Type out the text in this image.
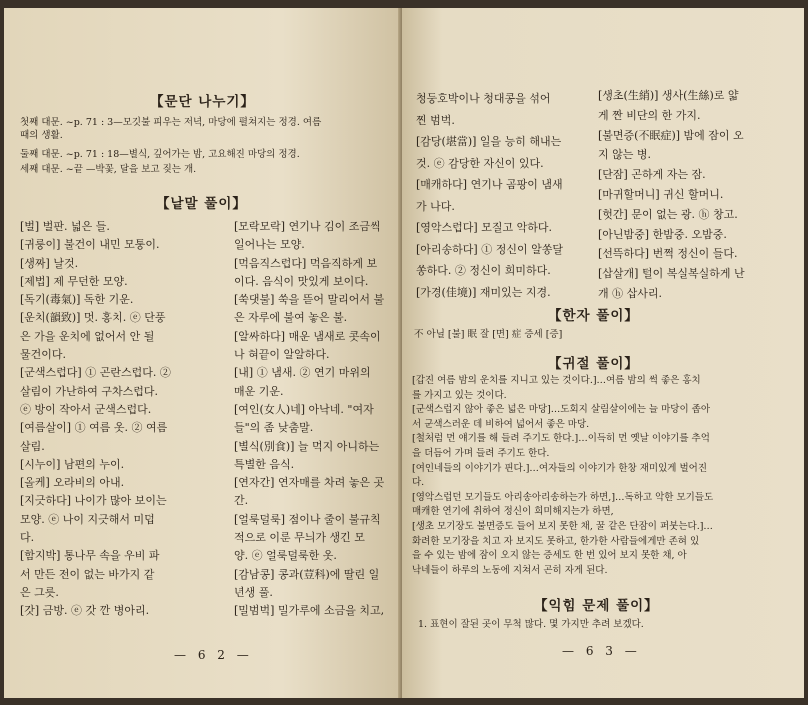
【문단 나누기】
첫째 대문. ~p. 71 : 3—모깃불 피우는 저녁, 마당에 펼쳐지는 정경. 여름
때의 생활.
둘째 대문. ~p. 71 : 18—별식, 깊어가는 밤, 고요해진 마당의 정경.
세째 대문. ~끝 —박꽃, 달을 보고 짖는 개.
【낱말 풀이】
[벌] 벌판. 넓은 들.
[귀룽이] 불건이 내민 모퉁이.
[생짜] 날것.
[제법] 제 무던한 모양.
[독기(毒氣)] 독한 기운.
[운치(韻致)] 멋. 홍치. ⓔ 단풍
은 가을 운치에 없어서 안 될
물건이다.
[군색스럽다] ① 곤란스럽다. ②
살림이 가난하여 구차스럽다.
ⓔ 방이 작아서 군색스럽다.
[여름살이] ① 여름 옷. ② 여름
살림.
[시누이] 남편의 누이.
[올케] 오라비의 아내.
[지긋하다] 나이가 많아 보이는
모양. ⓔ 나이 지긋해서 미덥
다.
[함지박] 통나무 속을 우비 파
서 만든 전이 없는 바가지 같
은 그릇.
[갓] 금방. ⓔ 갓 깐 병아리.
[모락모락] 연기나 김이 조금씩
일어나는 모양.
[먹음직스럽다] 먹음직하게 보
이다. 음식이 맛있게 보이다.
[쑥댓불] 쑥을 뜯어 말리어서 불
은 자루에 불여 놓은 불.
[알싸하다] 매운 냄새로 콧속이
나 혀끝이 알알하다.
[내] ① 냄새. ② 연기 마위의
매운 기운.
[여인(女人)네] 아낙네. "여자
들"의 좀 낮춤말.
[별식(別食)] 늘 먹지 아니하는
특별한 음식.
[연자간] 연자매를 차려 놓은 곳
간.
[얼룩덜룩] 점이나 줄이 불규칙
적으로 이룬 무늬가 생긴 모
양. ⓔ 얼룩덜룩한 옷.
[감남콩] 콩과(荳科)에 딸린 일
년생 풀.
[밀범벅] 밀가루에 소금을 치고,
— 6 2 —
청둥호박이나 청대콩을 섞어
찐 범벅.
[감당(堪當)] 일을 능히 해내는
것. ⓔ 감당한 자신이 있다.
[매캐하다] 연기나 곰팡이 냄새
가 나다.
[영악스럽다] 모질고 악하다.
[아리송하다] ① 정신이 알쏭달
쏭하다. ② 정신이 희미하다.
[가경(佳境)] 재미있는 지경.
[생초(生綃)] 생사(生絲)로 얇
게 짠 비단의 한 가지.
[불면증(不眠症)] 밤에 잠이 오
지 않는 병.
[단잠] 곤하게 자는 잠.
[마귀할머니] 귀신 할머니.
[헛간] 문이 없는 광. ⓗ 창고.
[아닌밤중] 한밤중. 오밤중.
[선뜩하다] 번쩍 정신이 들다.
[삽살개] 털이 복실복실하게 난
개 ⓗ 삽사리.
【한자 풀이】
不 아닐 [불] 眠 잘 [면] 症 증세 [증]
【귀절 풀이】
[갑진 여름 밤의 운치를 지니고 있는 것이다.]…여름 밤의 썩 좋은 홍치
를 가지고 있는 것이다.
[군색스럽지 않아 좋은 넓은 마당]…도회지 살림살이에는 늘 마당이 좁아
서 군색스러운 데 비하여 넓어서 좋은 마당.
[철처럼 먼 얘기를 해 들려 주기도 한다.]…이득히 먼 옛날 이야기를 추억
을 더듬어 가며 들려 주기도 한다.
[여인네들의 이야기가 핀다.]…여자들의 이야기가 한창 재미있게 벌어진
다.
[영악스럽던 모기들도 아리송아리송하는가 하면,]…독하고 악한 모기들도
매캐한 연기에 취하여 정신이 희미해지는가 하면,
[생초 모기장도 불면증도 들어 보지 못한 채, 꿀 같은 단잠이 퍼붓는다.]…
화려한 모기장을 치고 자 보지도 못하고, 한가한 사람들에게만 존혀 있
을 수 있는 밤에 잠이 오지 않는 증세도 한 번 있어 보지 못한 채, 아
낙네들이 하루의 노동에 지쳐서 곤히 자게 된다.
【익힘 문제 풀이】
1. 표현이 잘된 곳이 무척 많다. 몇 가지만 추려 보겠다.
— 6 3 —
